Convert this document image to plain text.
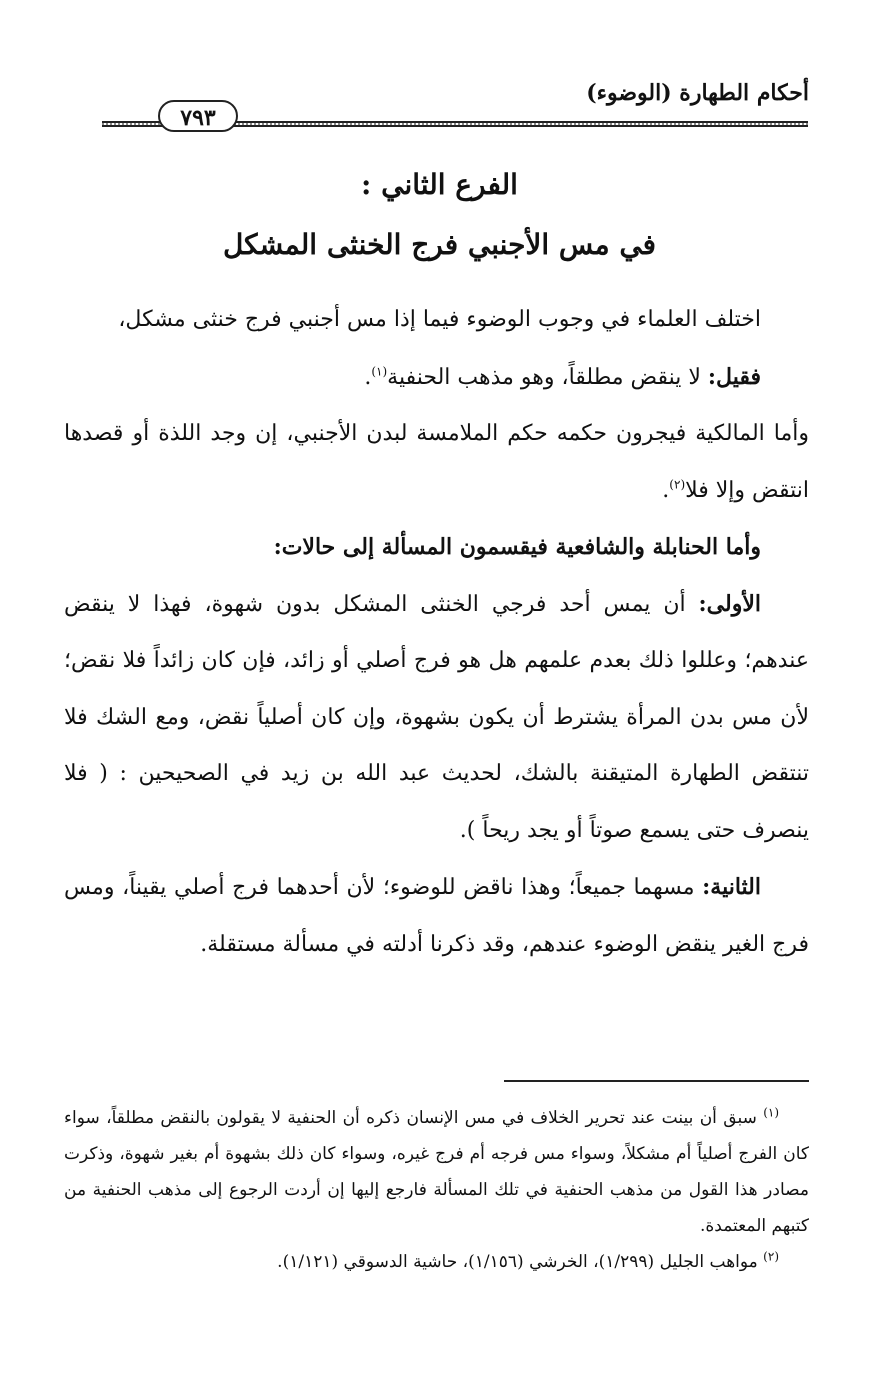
أحكام الطهارة (الوضوء)
٧٩٣
الفرع الثاني :
في مس الأجنبي فرج الخنثى المشكل

اختلف العلماء في وجوب الوضوء فيما إذا مس أجنبي فرج خنثى مشكل،

فقيل: لا ينقض مطلقاً، وهو مذهب الحنفية$^{(١)}$.

وأما المالكية فيجرون حكمه حكم الملامسة لبدن الأجنبي، إن وجد اللذة أو قصدها انتقض وإلا فلا$^{(٢)}$.

وأما الحنابلة والشافعية فيقسمون المسألة إلى حالات:

الأولى: أن يمس أحد فرجي الخنثى المشكل بدون شهوة، فهذا لا ينقض عندهم؛ وعللوا ذلك بعدم علمهم هل هو فرج أصلي أو زائد، فإن كان زائداً فلا نقض؛ لأن مس بدن المرأة يشترط أن يكون بشهوة، وإن كان أصلياً نقض، ومع الشك فلا تنتقض الطهارة المتيقنة بالشك، لحديث عبد الله بن زيد في الصحيحين : ( فلا ينصرف حتى يسمع صوتاً أو يجد ريحاً ).

الثانية: مسهما جميعاً؛ وهذا ناقض للوضوء؛ لأن أحدهما فرج أصلي يقيناً، ومس فرج الغير ينقض الوضوء عندهم، وقد ذكرنا أدلته في مسألة مستقلة.

$^{(١)}$ سبق أن بينت عند تحرير الخلاف في مس الإنسان ذكره أن الحنفية لا يقولون بالنقض مطلقاً، سواء كان الفرج أصلياً أم مشكلاً، وسواء مس فرجه أم فرج غيره، وسواء كان ذلك بشهوة أم بغير شهوة، وذكرت مصادر هذا القول من مذهب الحنفية في تلك المسألة فارجع إليها إن أردت الرجوع إلى مذهب الحنفية من كتبهم المعتمدة.

$^{(٢)}$ مواهب الجليل (١/٢٩٩)، الخرشي (١/١٥٦)، حاشية الدسوقي (١/١٢١).
